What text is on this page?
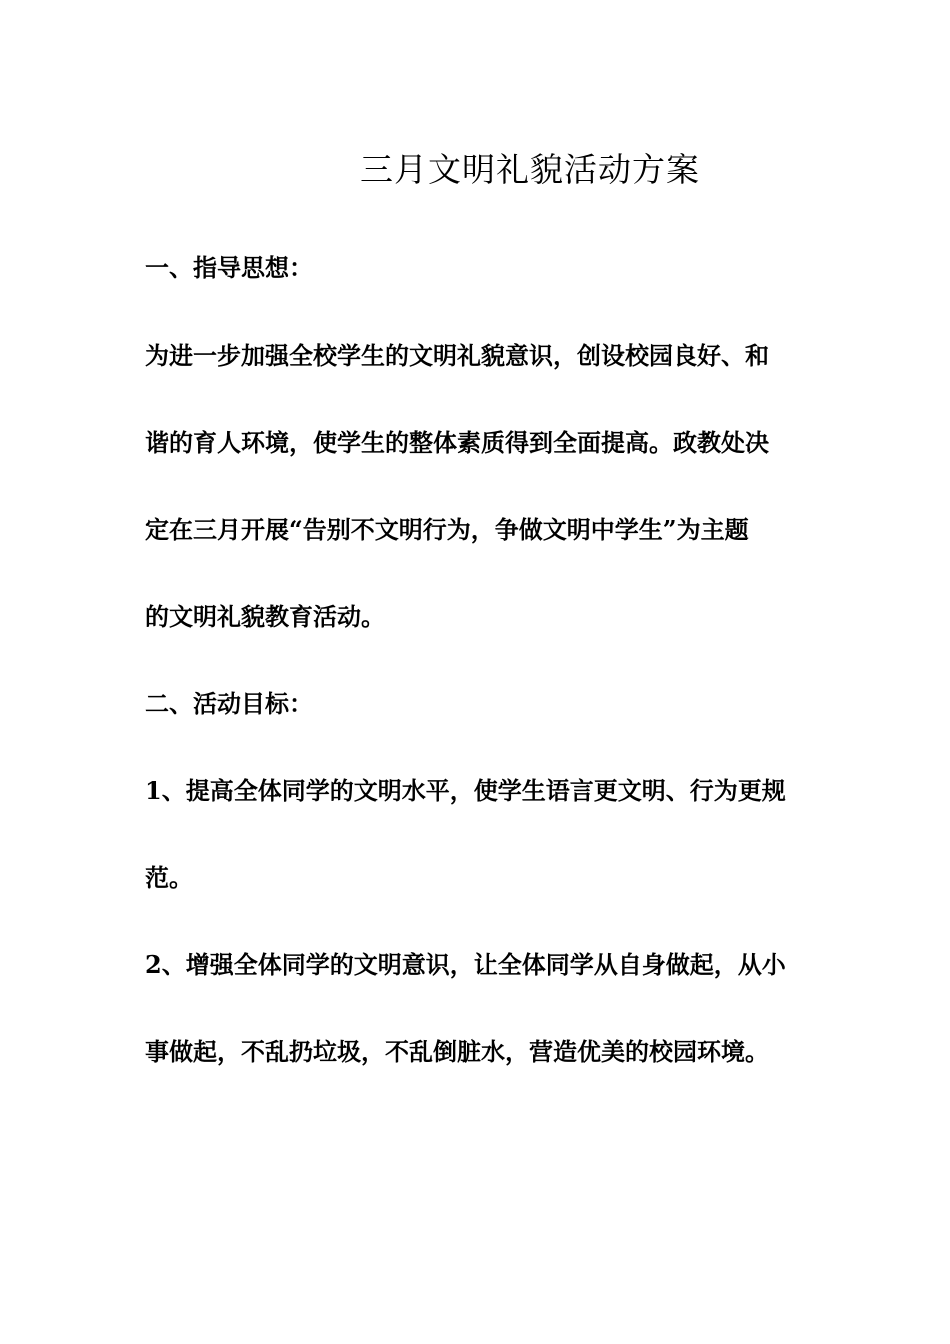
三月文明礼貌活动方案
一、指导思想：
为进一步加强全校学生的文明礼貌意识，创设校园良好、和
谐的育人环境，使学生的整体素质得到全面提高。政教处决
定在三月开展“告别不文明行为，争做文明中学生”为主题
的文明礼貌教育活动。
二、活动目标：
1、提高全体同学的文明水平，使学生语言更文明、行为更规
范。
2、增强全体同学的文明意识，让全体同学从自身做起，从小
事做起，不乱扔垃圾，不乱倒脏水，营造优美的校园环境。
